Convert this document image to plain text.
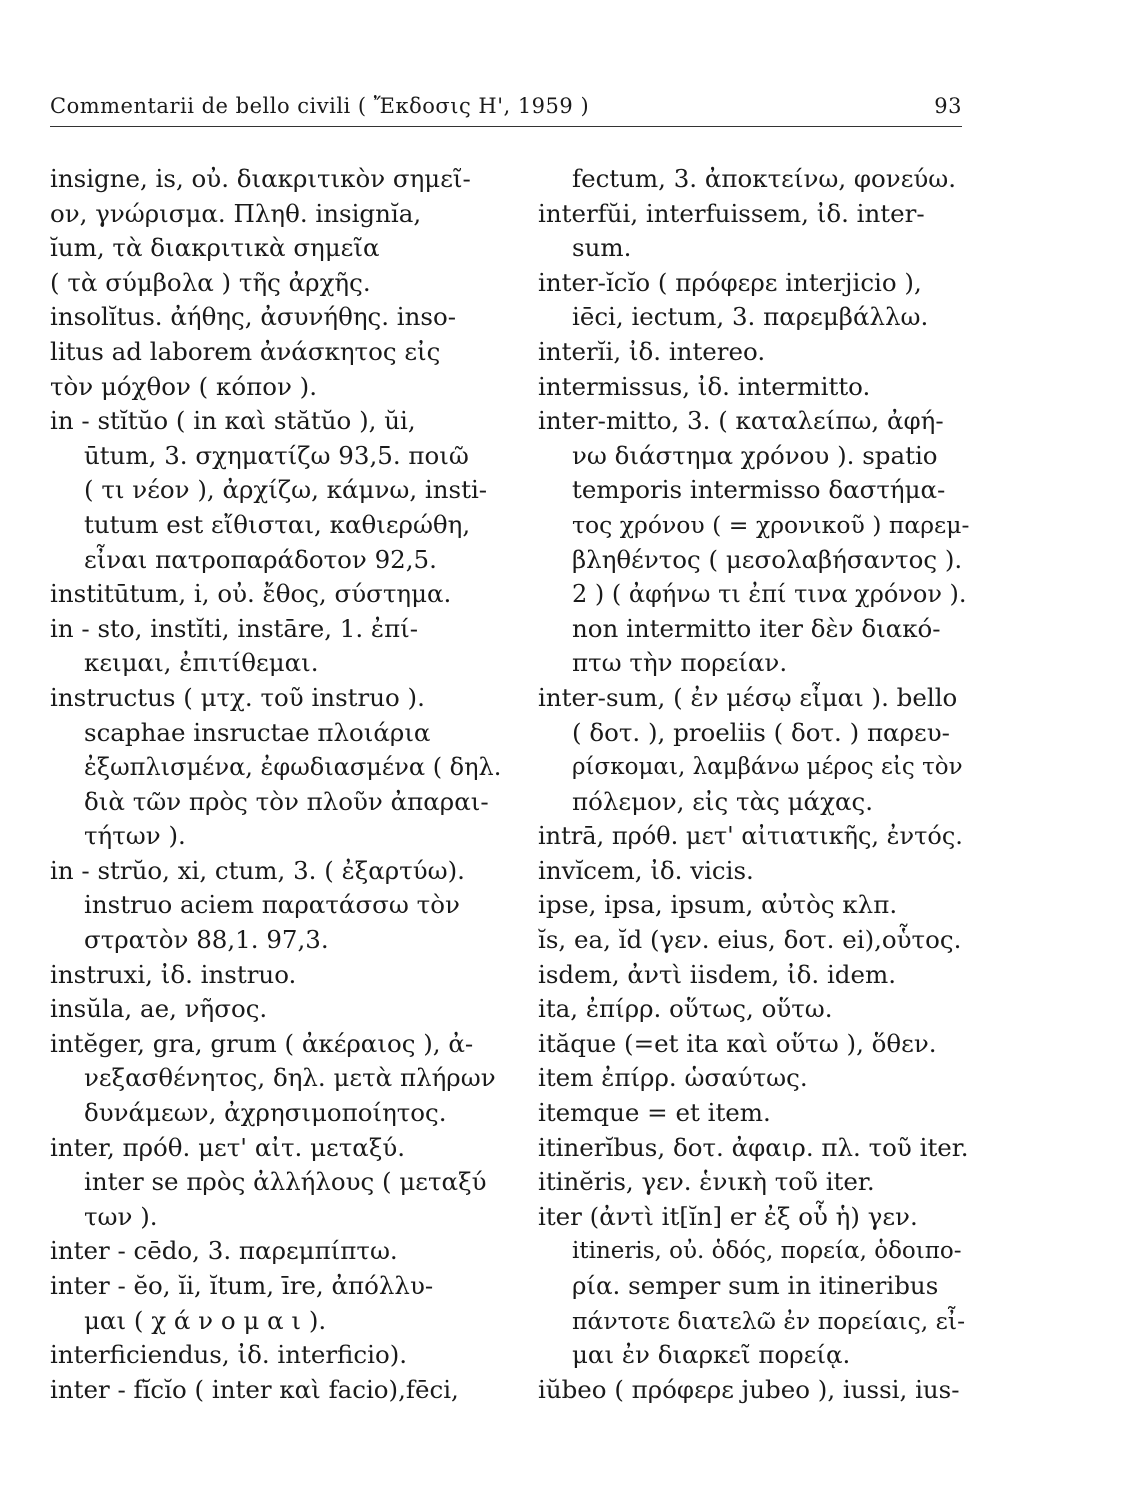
Commentarii de bello civili ( Ἔκδοσις Η', 1959 )	93
insigne, is, οὐ. διακριτικὸν σημεῖ-
ον, γνώρισμα. Πληθ. insignĭa,
ĭum, τὰ διακριτικὰ σημεῖα
( τὰ σύμβολα ) τῆς ἀρχῆς.
insolĭtus. ἀήθης, ἀσυνήθης. inso-
litus ad laborem ἀνάσκητος εἰς
τὸν μόχθον ( κόπον ).
in - stĭtŭo ( in καὶ stătŭo ), ŭi,
ūtum, 3. σχηματίζω 93,5. ποιῶ
( τι νέον ), ἀρχίζω, κάμνω, insti-
tutum est εἴθισται, καθιερώθη,
εἶναι πατροπαράδοτον 92,5.
institūtum, i, οὐ. ἔθος, σύστημα.
in - sto, instĭti, instāre, 1. ἐπί-
κειμαι, ἐπιτίθεμαι.
instructus ( μτχ. τοῦ instruo ).
scaphae insructae πλοιάρια
ἐξωπλισμένα, ἐφωδιασμένα ( δηλ.
διὰ τῶν πρὸς τὸν πλοῦν ἀπαραι-
τήτων ).
in - strŭo, xi, ctum, 3. ( ἐξαρτύω).
instruo aciem παρατάσσω τὸν
στρατὸν 88,1. 97,3.
instruxi, ἰδ. instruo.
insŭla, ae, νῆσος.
intĕger, gra, grum ( ἀκέραιος ), ἀ-
νεξασθένητος, δηλ. μετὰ πλήρων
δυνάμεων, ἀχρησιμοποίητος.
inter, πρόθ. μετ' αἰτ. μεταξύ.
inter se πρὸς ἀλλήλους ( μεταξύ
των ).
inter - cēdo, 3. παρεμπίπτω.
inter - ĕo, ĭi, ĭtum, īre, ἀπόλλυ-
μαι ( χ ά ν ο μ α ι ).
interficiendus, ἰδ. interficio).
inter - fĭcĭo ( inter καὶ facio),fēci,
fectum, 3. ἀποκτείνω, φονεύω.
interfŭi, interfuissem, ἰδ. inter-
sum.
inter-ĭcĭo ( πρόφερε interjicio ),
iēci, iectum, 3. παρεμβάλλω.
interĭi, ἰδ. intereo.
intermissus, ἰδ. intermitto.
inter-mitto, 3. ( καταλείπω, ἀφή-
νω διάστημα χρόνου ). spatio
temporis intermisso δαστήμα-
τος χρόνου ( = χρονικοῦ ) παρεμ-
βληθέντος ( μεσολαβήσαντος ).
2 ) ( ἀφήνω τι ἐπί τινα χρόνον ).
non intermitto iter δὲν διακό-
πτω τὴν πορείαν.
inter-sum, ( ἐν μέσῳ εἶμαι ). bello
( δοτ. ), proeliis ( δοτ. ) παρευ-
ρίσκομαι, λαμβάνω μέρος εἰς τὸν
πόλεμον, εἰς τὰς μάχας.
intrā, πρόθ. μετ' αἰτιατικῆς, ἐντός.
invĭcem, ἰδ. vicis.
ipse, ipsa, ipsum, αὐτὸς κλπ.
ĭs, ea, ĭd (γεν. eius, δοτ. ei),οὗτος.
isdem, ἀντὶ iisdem, ἰδ. idem.
ita, ἐπίρρ. οὕτως, οὕτω.
ităque (=et ita καὶ οὕτω ), ὅθεν.
item ἐπίρρ. ὡσαύτως.
itemque = et item.
itinerĭbus, δοτ. ἀφαιρ. πλ. τοῦ iter.
itinĕris, γεν. ἑνικὴ τοῦ iter.
iter (ἀντὶ it[ĭn] er ἐξ οὗ ἡ) γεν.
itineris, οὐ. ὁδός, πορεία, ὁδοιπο-
ρία. semper sum in itineribus
πάντοτε διατελῶ ἐν πορείαις, εἶ-
μαι ἐν διαρκεῖ πορείᾳ.
iŭbeo ( πρόφερε jubeo ), iussi, ius-
